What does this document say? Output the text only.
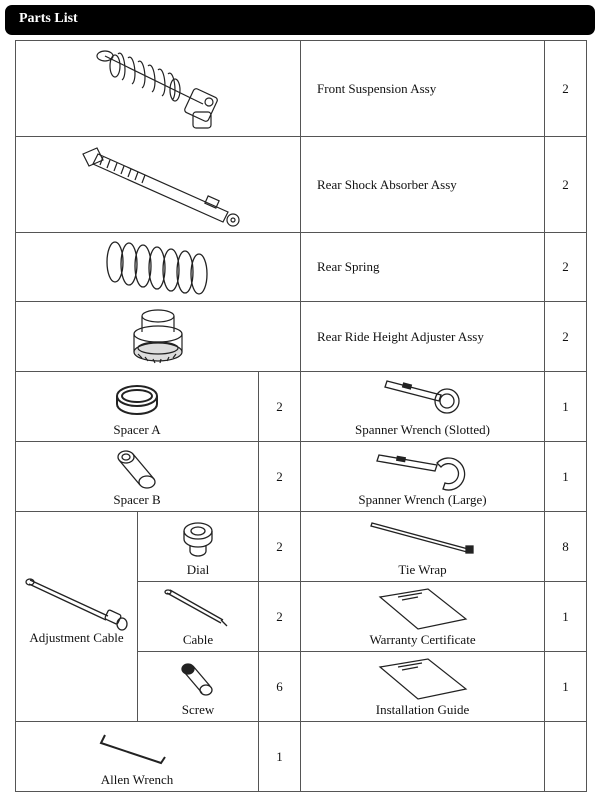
Parts List
	Front Suspension Assy	2

	Rear Shock Absorber Assy	2

	Rear Spring	2

	Rear Ride Height Adjuster Assy	2

Spacer A		2	Spanner Wrench (Slotted)	1

Spacer B		2	Spanner Wrench (Large)	1

Adjustment Cable	Dial	2	Tie Wrap	8

	Cable	2	Warranty Certificate	1

	Screw	6	Installation Guide	1

Allen Wrench		1		
